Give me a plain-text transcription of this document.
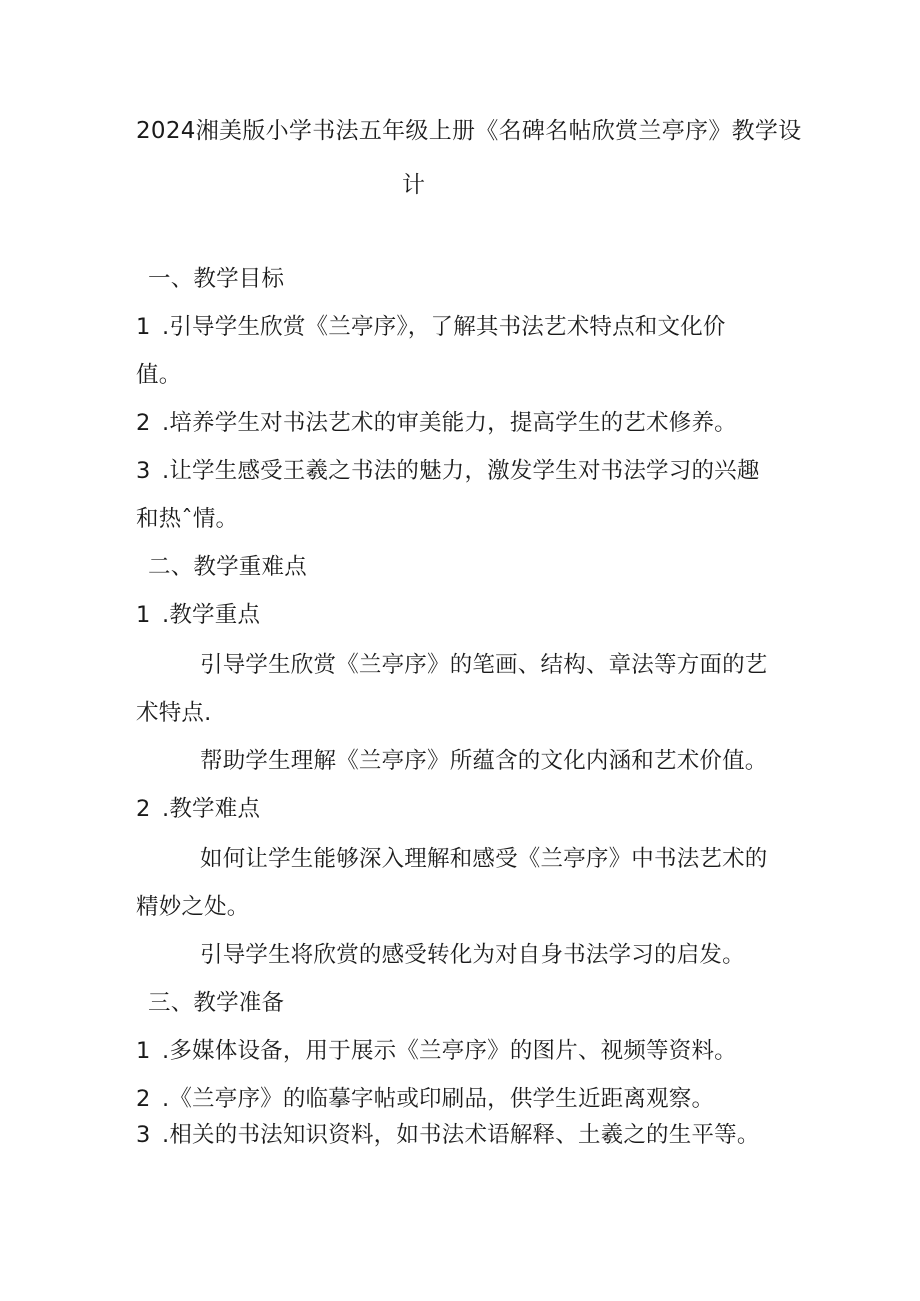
2024湘美版小学书法五年级上册《名碑名帖欣赏兰亭序》教学设
计
一、教学目标
1 .引导学生欣赏《兰亭序》，了解其书法艺术特点和文化价
值。
2 .培养学生对书法艺术的审美能力，提高学生的艺术修养。
3 .让学生感受王羲之书法的魅力，激发学生对书法学习的兴趣
和热ˆ情。
二、教学重难点
1 .教学重点
引导学生欣赏《兰亭序》的笔画、结构、章法等方面的艺
术特点.
帮助学生理解《兰亭序》所蕴含的文化内涵和艺术价值。
2 .教学难点
如何让学生能够深入理解和感受《兰亭序》中书法艺术的
精妙之处。
引导学生将欣赏的感受转化为对自身书法学习的启发。
三、教学准备
1 .多媒体设备，用于展示《兰亭序》的图片、视频等资料。
2 .《兰亭序》的临摹字帖或印刷品，供学生近距离观察。
3 .相关的书法知识资料，如书法术语解释、土羲之的生平等。
